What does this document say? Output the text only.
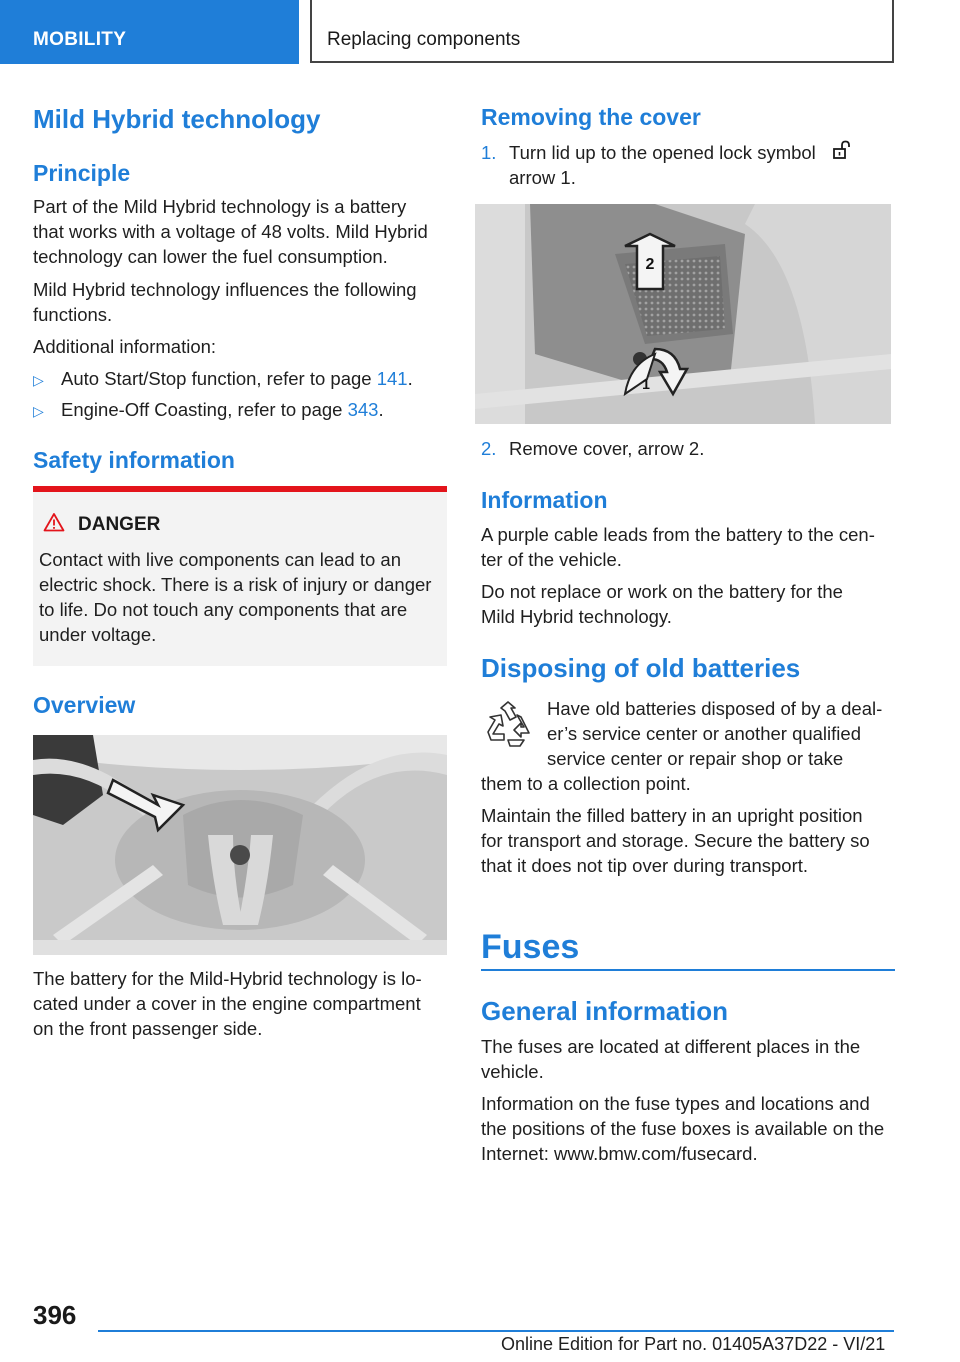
MOBILITY	Replacing components
Mild Hybrid technology
Principle
Part of the Mild Hybrid technology is a battery
that works with a voltage of 48 volts. Mild Hybrid
technology can lower the fuel consumption.
Mild Hybrid technology influences the following
functions.
Additional information:
▷ Auto Start/Stop function, refer to page 141.
▷ Engine-Off Coasting, refer to page 343.
Safety information
DANGER
Contact with live components can lead to an
electric shock. There is a risk of injury or danger
to life. Do not touch any components that are
under voltage.
Overview
The battery for the Mild-Hybrid technology is lo-
cated under a cover in the engine compartment
on the front passenger side.
Removing the cover
1. Turn lid up to the opened lock symbol
arrow 1.
2
1
2. Remove cover, arrow 2.
Information
A purple cable leads from the battery to the cen-
ter of the vehicle.
Do not replace or work on the battery for the
Mild Hybrid technology.
Disposing of old batteries
Have old batteries disposed of by a deal-
er’s service center or another qualified
service center or repair shop or take
them to a collection point.
Maintain the filled battery in an upright position
for transport and storage. Secure the battery so
that it does not tip over during transport.
Fuses
General information
The fuses are located at different places in the
vehicle.
Information on the fuse types and locations and
the positions of the fuse boxes is available on the
Internet: www.bmw.com/fusecard.
396
Online Edition for Part no. 01405A37D22 - VI/21
